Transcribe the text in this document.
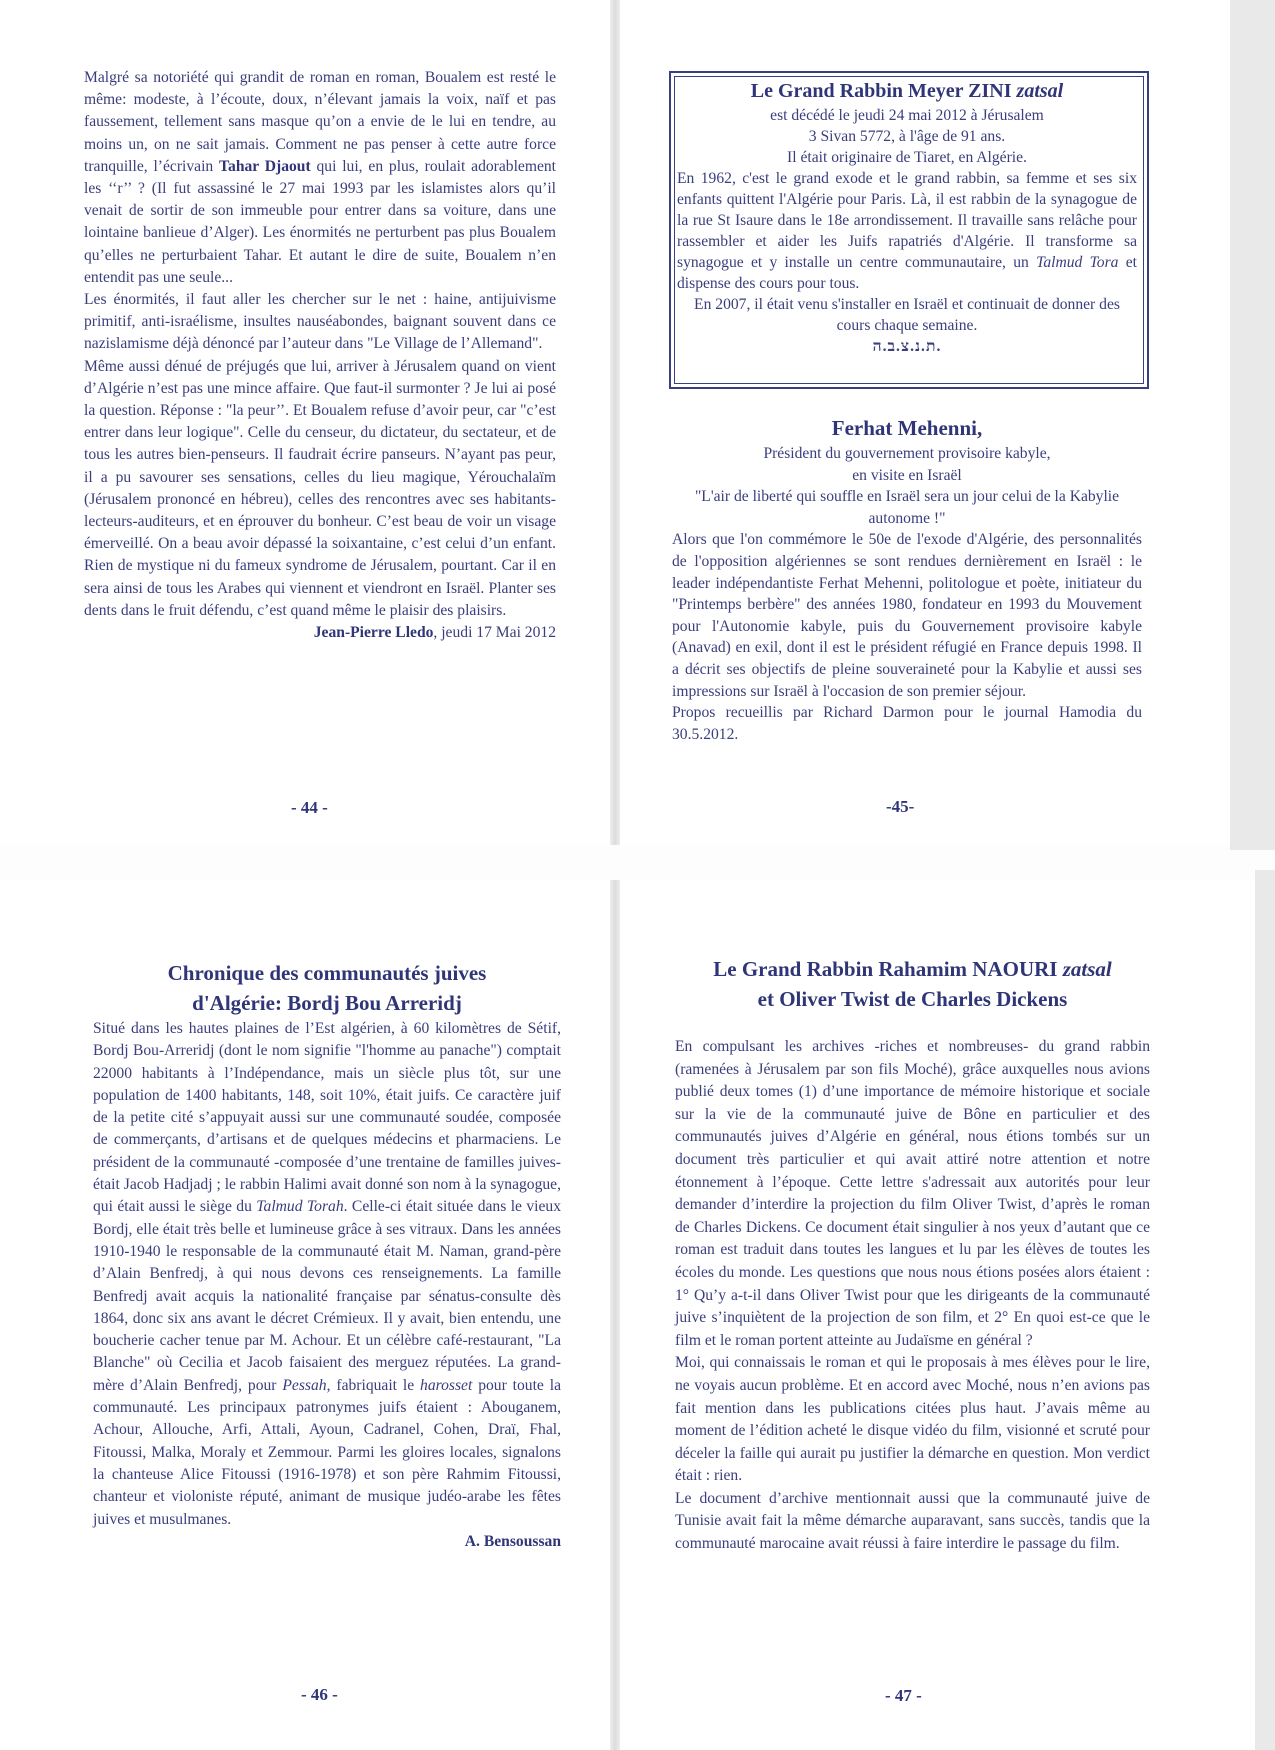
Malgré sa notoriété qui grandit de roman en roman, Boualem est resté le même: modeste, à l’écoute, doux, n’élevant jamais la voix, naïf et pas faussement, tellement sans masque qu’on a envie de le lui en tendre, au moins un, on ne sait jamais. Comment ne pas penser à cette autre force tranquille, l’écrivain Tahar Djaout qui lui, en plus, roulait adorablement les ‘‘r’’ ? (Il fut assassiné le 27 mai 1993 par les islamistes alors qu’il venait de sortir de son immeuble pour entrer dans sa voiture, dans une lointaine banlieue d’Alger). Les énormités ne perturbent pas plus Boualem qu’elles ne perturbaient Tahar. Et autant le dire de suite, Boualem n’en entendit pas une seule...

Les énormités, il faut aller les chercher sur le net : haine, antijuivisme primitif, anti-israélisme, insultes nauséabondes, baignant souvent dans ce nazislamisme déjà dénoncé par l’auteur dans "Le Village de l’Allemand".

Même aussi dénué de préjugés que lui, arriver à Jérusalem quand on vient d’Algérie n’est pas une mince affaire. Que faut-il surmonter ? Je lui ai posé la question. Réponse : "la peur’’. Et Boualem refuse d’avoir peur, car "c’est entrer dans leur logique". Celle du censeur, du dictateur, du sectateur, et de tous les autres bien-penseurs. Il faudrait écrire panseurs. N’ayant pas peur, il a pu savourer ses sensations, celles du lieu magique, Yérouchalaïm (Jérusalem prononcé en hébreu), celles des rencontres avec ses habitants-lecteurs-auditeurs, et en éprouver du bonheur. C’est beau de voir un visage émerveillé. On a beau avoir dépassé la soixantaine, c’est celui d’un enfant. Rien de mystique ni du fameux syndrome de Jérusalem, pourtant. Car il en sera ainsi de tous les Arabes qui viennent et viendront en Israël. Planter ses dents dans le fruit défendu, c’est quand même le plaisir des plaisirs.

Jean-Pierre Lledo, jeudi 17 Mai 2012

- 44 -

Le Grand Rabbin Meyer ZINI zatsal

est décédé le jeudi 24 mai 2012 à Jérusalem

3 Sivan 5772, à l'âge de 91 ans.

Il était originaire de Tiaret, en Algérie.

En 1962, c'est le grand exode et le grand rabbin, sa femme et ses six enfants quittent l'Algérie pour Paris. Là, il est rabbin de la synagogue de la rue St Isaure dans le 18e arrondissement. Il travaille sans relâche pour rassembler et aider les Juifs rapatriés d'Algérie. Il transforme sa synagogue et y installe un centre communautaire, un Talmud Tora et dispense des cours pour tous.

En 2007, il était venu s'installer en Israël et continuait de donner des cours chaque semaine.

.ת.נ.צ.ב.ה

Ferhat Mehenni,

Président du gouvernement provisoire kabyle,

en visite en Israël

"L'air de liberté qui souffle en Israël sera un jour celui de la Kabylie autonome !"

Alors que l'on commémore le 50e de l'exode d'Algérie, des personnalités de l'opposition algériennes se sont rendues dernièrement en Israël : le leader indépendantiste Ferhat Mehenni, politologue et poète, initiateur du "Printemps berbère" des années 1980, fondateur en 1993 du Mouvement pour l'Autonomie kabyle, puis du Gouvernement provisoire kabyle (Anavad) en exil, dont il est le président réfugié en France depuis 1998. Il a décrit ses objectifs de pleine souveraineté pour la Kabylie et aussi ses impressions sur Israël à l'occasion de son premier séjour.

Propos recueillis par Richard Darmon pour le journal Hamodia du 30.5.2012.

-45-

Chronique des communautés juives

d'Algérie: Bordj Bou Arreridj

Situé dans les hautes plaines de l’Est algérien, à 60 kilomètres de Sétif, Bordj Bou-Arreridj (dont le nom signifie "l'homme au panache") comptait 22000 habitants à l’Indépendance, mais un siècle plus tôt, sur une population de 1400 habitants, 148, soit 10%, était juifs. Ce caractère juif de la petite cité s’appuyait aussi sur une communauté soudée, composée de commerçants, d’artisans et de quelques médecins et pharmaciens. Le président de la communauté -composée d’une trentaine de familles juives- était Jacob Hadjadj ; le rabbin Halimi avait donné son nom à la synagogue, qui était aussi le siège du Talmud Torah. Celle-ci était située dans le vieux Bordj, elle était très belle et lumineuse grâce à ses vitraux. Dans les années 1910-1940 le responsable de la communauté était M. Naman, grand-père d’Alain Benfredj, à qui nous devons ces renseignements. La famille Benfredj avait acquis la nationalité française par sénatus-consulte dès 1864, donc six ans avant le décret Crémieux. Il y avait, bien entendu, une boucherie cacher tenue par M. Achour. Et un célèbre café-restaurant, "La Blanche" où Cecilia et Jacob faisaient des merguez réputées. La grand-mère d’Alain Benfredj, pour Pessah, fabriquait le harosset pour toute la communauté. Les principaux patronymes juifs étaient : Abouganem, Achour, Allouche, Arfi, Attali, Ayoun, Cadranel, Cohen, Draï, Fhal, Fitoussi, Malka, Moraly et Zemmour. Parmi les gloires locales, signalons la chanteuse Alice Fitoussi (1916-1978) et son père Rahmim Fitoussi, chanteur et violoniste réputé, animant de musique judéo-arabe les fêtes juives et musulmanes.

A. Bensoussan

- 46 -

Le Grand Rabbin Rahamim NAOURI zatsal

et Oliver Twist de Charles Dickens

En compulsant les archives -riches et nombreuses- du grand rabbin (ramenées à Jérusalem par son fils Moché), grâce auxquelles nous avions publié deux tomes (1) d’une importance de mémoire historique et sociale sur la vie de la communauté juive de Bône en particulier et des communautés juives d’Algérie en général, nous étions tombés sur un document très particulier et qui avait attiré notre attention et notre étonnement à l’époque. Cette lettre s'adressait aux autorités pour leur demander d’interdire la projection du film Oliver Twist, d’après le roman de Charles Dickens. Ce document était singulier à nos yeux d’autant que ce roman est traduit dans toutes les langues et lu par les élèves de toutes les écoles du monde. Les questions que nous nous étions posées alors étaient : 1° Qu’y a-t-il dans Oliver Twist pour que les dirigeants de la communauté juive s’inquiètent de la projection de son film, et 2° En quoi est-ce que le film et le roman portent atteinte au Judaïsme en général ?

Moi, qui connaissais le roman et qui le proposais à mes élèves pour le lire, ne voyais aucun problème. Et en accord avec Moché, nous n’en avions pas fait mention dans les publications citées plus haut. J’avais même au moment de l’édition acheté le disque vidéo du film, visionné et scruté pour déceler la faille qui aurait pu justifier la démarche en question. Mon verdict était : rien.

Le document d’archive mentionnait aussi que la communauté juive de Tunisie avait fait la même démarche auparavant, sans succès, tandis que la communauté marocaine avait réussi à faire interdire le passage du film.

- 47 -
